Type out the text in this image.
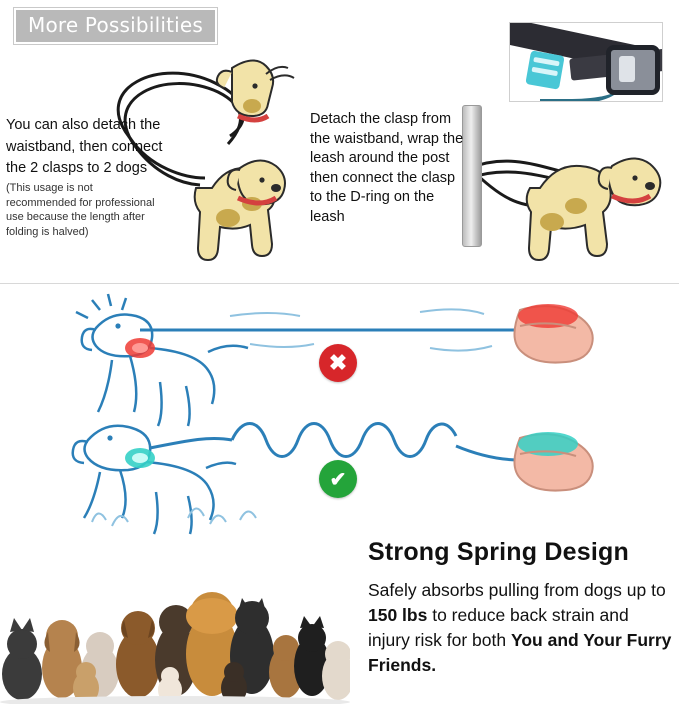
More Possibilities
You can also detach the waistband, then connect the 2 clasps to 2 dogs
(This usage is not recommended for professional use because the length after folding is halved)
Detach the clasp from the waistband, wrap the leash around the post then connect the clasp to the D-ring on the leash
✖
✔
Strong Spring Design
Safely absorbs pulling from dogs up to 150 lbs to reduce back strain and injury risk for both You and Your Furry Friends.
